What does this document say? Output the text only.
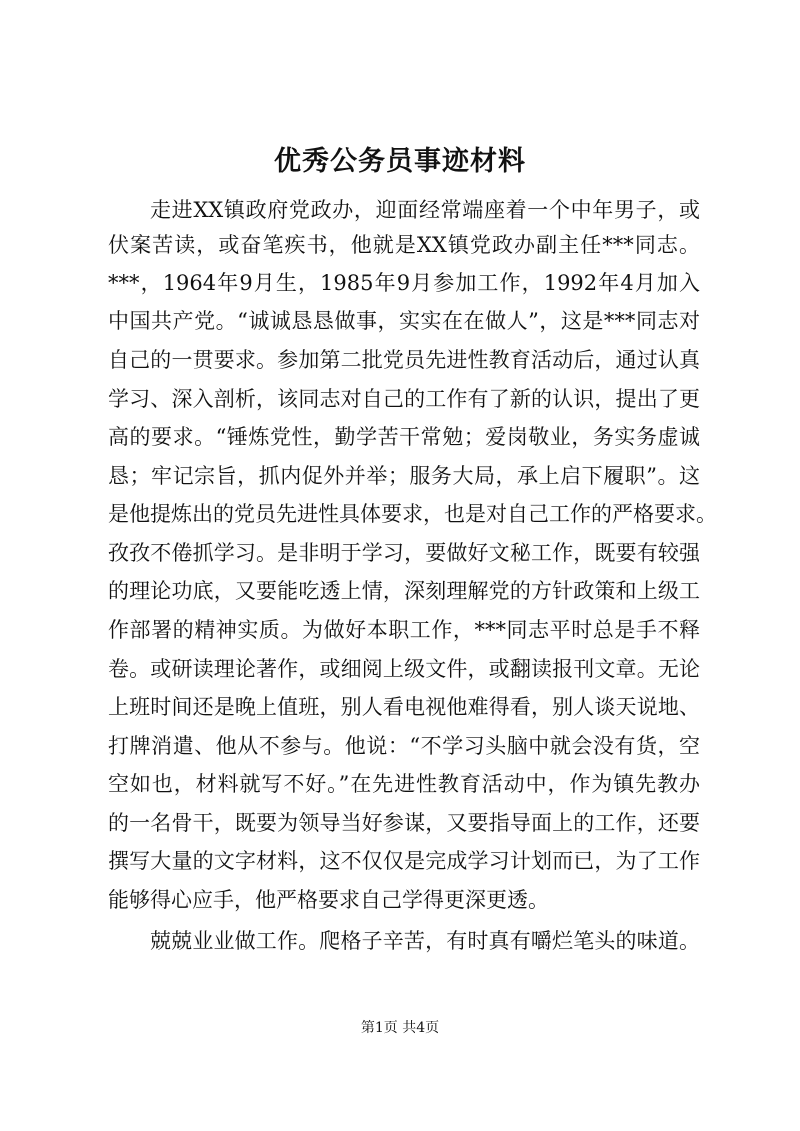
优秀公务员事迹材料
走进XX镇政府党政办，迎面经常端座着一个中年男子，或
伏案苦读，或奋笔疾书，他就是XX镇党政办副主任***同志。
***，1964年9月生，1985年9月参加工作，1992年4月加入
中国共产党。“诚诚恳恳做事，实实在在做人”，这是***同志对
自己的一贯要求。参加第二批党员先进性教育活动后，通过认真
学习、深入剖析，该同志对自己的工作有了新的认识，提出了更
高的要求。“锤炼党性，勤学苦干常勉；爱岗敬业，务实务虚诚
恳；牢记宗旨，抓内促外并举；服务大局，承上启下履职”。这
是他提炼出的党员先进性具体要求，也是对自己工作的严格要求。
孜孜不倦抓学习。是非明于学习，要做好文秘工作，既要有较强
的理论功底，又要能吃透上情，深刻理解党的方针政策和上级工
作部署的精神实质。为做好本职工作，***同志平时总是手不释
卷。或研读理论著作，或细阅上级文件，或翻读报刊文章。无论
上班时间还是晚上值班，别人看电视他难得看，别人谈天说地、
打牌消遣、他从不参与。他说：“不学习头脑中就会没有货，空
空如也，材料就写不好。”在先进性教育活动中，作为镇先教办
的一名骨干，既要为领导当好参谋，又要指导面上的工作，还要
撰写大量的文字材料，这不仅仅是完成学习计划而已，为了工作
能够得心应手，他严格要求自己学得更深更透。
兢兢业业做工作。爬格子辛苦，有时真有嚼烂笔头的味道。
第1页 共4页
